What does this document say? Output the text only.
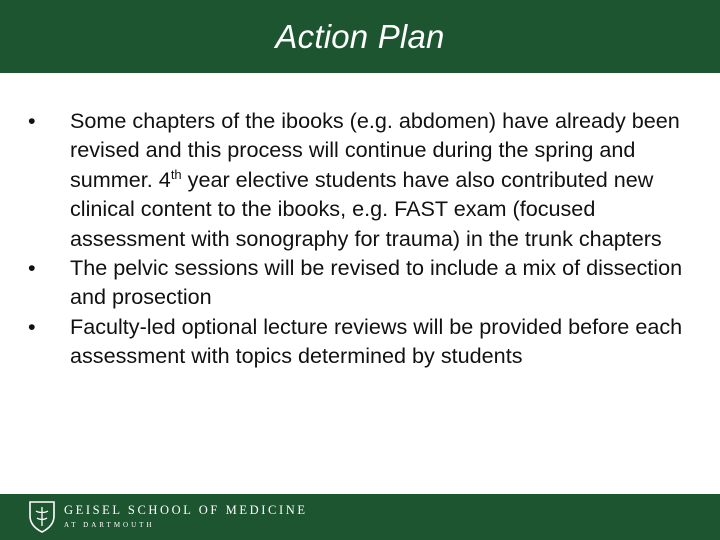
Action Plan
•	Some chapters of the ibooks (e.g. abdomen) have already been revised and this process will continue during the spring and summer. 4th year elective students have also contributed new clinical content to the ibooks, e.g. FAST exam (focused assessment with sonography for trauma) in the trunk chapters
•	The pelvic sessions will be revised to include a mix of dissection and prosection
•	Faculty-led optional lecture reviews will be provided before each assessment with topics determined by students
GEISEL SCHOOL OF MEDICINE
AT DARTMOUTH
